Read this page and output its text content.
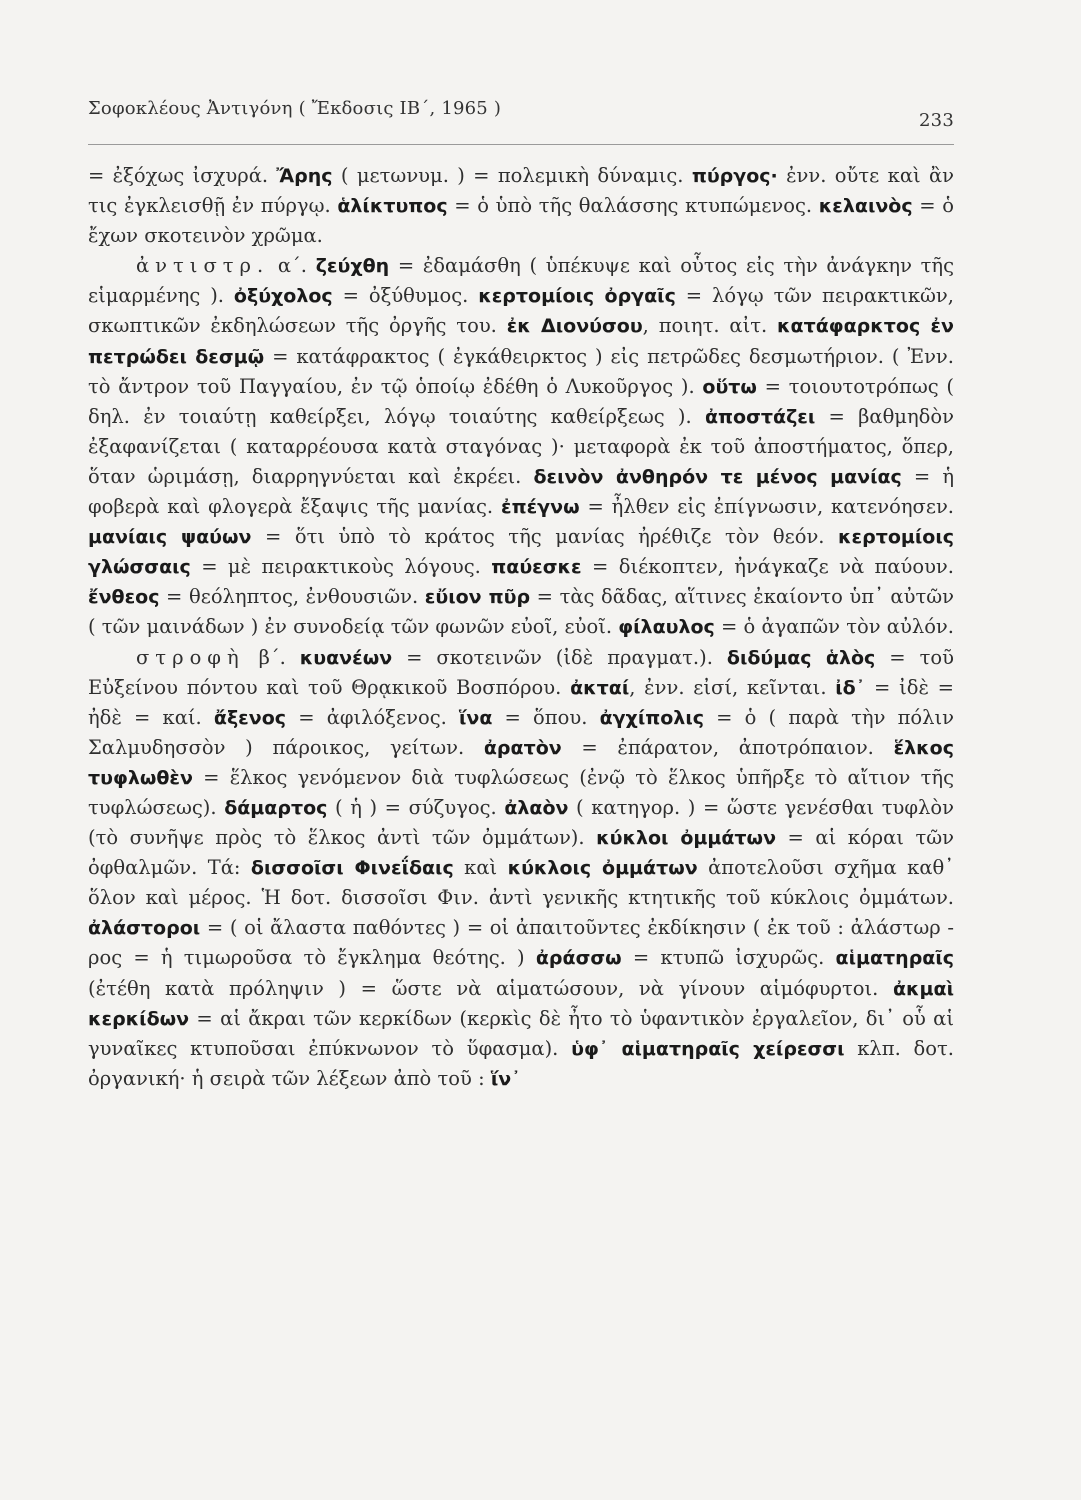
Σοφοκλέους Ἀντιγόνη ( Ἔκδοσις ΙΒ΄, 1965 )
233

= ἐξόχως ἰσχυρά. Ἄρης ( μετωνυμ. ) = πολεμικὴ δύναμις. πύργος· ἐνν. οὔτε καὶ ἂν τις ἐγκλεισθῇ ἐν πύργῳ. ἁλίκτυπος = ὁ ὑπὸ τῆς θαλάσσης κτυπώμενος. κελαινὸς = ὁ ἔχων σκοτεινὸν χρῶμα.

ἀντιστρ. α΄. ζεύχθη = ἐδαμάσθη ( ὑπέκυψε καὶ οὗτος εἰς τὴν ἀνάγκην τῆς εἱμαρμένης ). ὀξύχολος = ὀξύθυμος. κερτομίοις ὀργαῖς = λόγῳ τῶν πειρακτικῶν, σκωπτικῶν ἐκδηλώσεων τῆς ὀργῆς του. ἐκ Διονύσου, ποιητ. αἰτ. κατάφαρκτος ἐν πετρώδει δεσμῷ = κατάφρακτος ( ἐγκάθειρκτος ) εἰς πετρῶδες δεσμωτήριον. ( Ἐνν. τὸ ἄντρον τοῦ Παγγαίου, ἐν τῷ ὁποίῳ ἐδέθη ὁ Λυκοῦργος ). οὕτω = τοιουτοτρόπως ( δηλ. ἐν τοιαύτῃ καθείρξει, λόγῳ τοιαύτης καθείρξεως ). ἀποστάζει = βαθμηδὸν ἐξαφανίζεται ( καταρρέουσα κατὰ σταγόνας )· μεταφορὰ ἐκ τοῦ ἀποστήματος, ὅπερ, ὅταν ὡριμάσῃ, διαρρηγνύεται καὶ ἐκρέει. δεινὸν ἀνθηρόν τε μένος μανίας = ἡ φοβερὰ καὶ φλογερὰ ἔξαψις τῆς μανίας. ἐπέγνω = ἦλθεν εἰς ἐπίγνωσιν, κατενόησεν. μανίαις ψαύων = ὅτι ὑπὸ τὸ κράτος τῆς μανίας ἠρέθιζε τὸν θεόν. κερτομίοις γλώσσαις = μὲ πειρακτικοὺς λόγους. παύεσκε = διέκοπτεν, ἠνάγκαζε νὰ παύουν. ἔνθεος = θεόληπτος, ἐνθουσιῶν. εὔιον πῦρ = τὰς δᾶδας, αἵτινες ἐκαίοντο ὑπ᾿ αὐτῶν ( τῶν μαινάδων ) ἐν συνοδείᾳ τῶν φωνῶν εὐοῖ, εὐοῖ. φίλαυλος = ὁ ἀγαπῶν τὸν αὐλόν.

στροφὴ β΄. κυανέων = σκοτεινῶν (ἰδὲ πραγματ.). διδύμας ἁλὸς = τοῦ Εὐξείνου πόντου καὶ τοῦ Θρᾳκικοῦ Βοσπόρου. ἀκταί, ἐνν. εἰσί, κεῖνται. ἰδ᾿ = ἰδὲ = ἠδὲ = καί. ἄξενος = ἀφιλόξενος. ἵνα = ὅπου. ἀγχίπολις = ὁ ( παρὰ τὴν πόλιν Σαλμυδησσὸν ) πάροικος, γείτων. ἀρατὸν = ἐπάρατον, ἀποτρόπαιον. ἕλκος τυφλωθὲν = ἕλκος γενόμενον διὰ τυφλώσεως (ἐνῷ τὸ ἕλκος ὑπῆρξε τὸ αἴτιον τῆς τυφλώσεως). δάμαρτος ( ἡ ) = σύζυγος. ἀλαὸν ( κατηγορ. ) = ὥστε γενέσθαι τυφλὸν (τὸ συνῆψε πρὸς τὸ ἕλκος ἀντὶ τῶν ὀμμάτων). κύκλοι ὀμμάτων = αἱ κόραι τῶν ὀφθαλμῶν. Τά: δισσοῖσι Φινεΐδαις καὶ κύκλοις ὀμμάτων ἀποτελοῦσι σχῆμα καθ᾿ ὅλον καὶ μέρος. Ἡ δοτ. δισσοῖσι Φιν. ἀντὶ γενικῆς κτητικῆς τοῦ κύκλοις ὀμμάτων. ἀλάστοροι = ( οἱ ἄλαστα παθόντες ) = οἱ ἀπαιτοῦντες ἐκδίκησιν ( ἐκ τοῦ : ἀλάστωρ - ρος = ἡ τιμωροῦσα τὸ ἔγκλημα θεότης. ) ἀράσσω = κτυπῶ ἰσχυρῶς. αἱματηραῖς (ἐτέθη κατὰ πρόληψιν ) = ὥστε νὰ αἱματώσουν, νὰ γίνουν αἱμόφυρτοι. ἀκμαὶ κερκίδων = αἱ ἄκραι τῶν κερκίδων (κερκὶς δὲ ἦτο τὸ ὑφαντικὸν ἐργαλεῖον, δι᾿ οὗ αἱ γυναῖκες κτυποῦσαι ἐπύκνωνον τὸ ὕφασμα). ὑφ᾿ αἱματηραῖς χείρεσσι κλπ. δοτ. ὀργανική· ἡ σειρὰ τῶν λέξεων ἀπὸ τοῦ : ἵν᾿
